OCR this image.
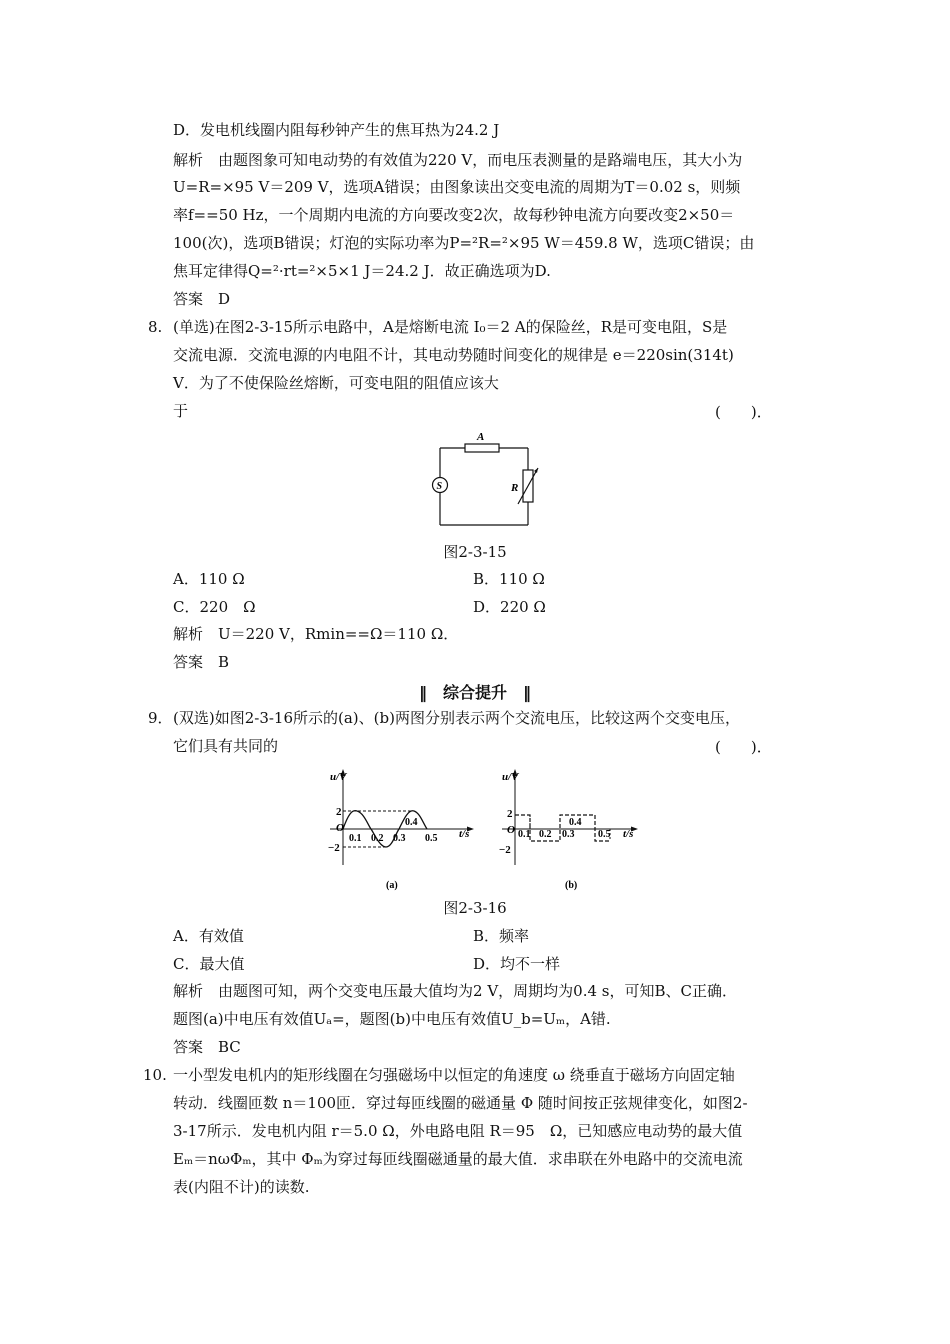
D．发电机线圈内阻每秒钟产生的焦耳热为24.2 J
解析　由题图象可知电动势的有效值为220 V，而电压表测量的是路端电压，其大小为
U=R=×95 V＝209 V，选项A错误；由图象读出交变电流的周期为T＝0.02 s，则频
率f==50 Hz，一个周期内电流的方向要改变2次，故每秒钟电流方向要改变2×50＝
100(次)，选项B错误；灯泡的实际功率为P=²R=²×95 W＝459.8 W，选项C错误；由
焦耳定律得Q=²·rt=²×5×1 J＝24.2 J．故正确选项为D.
答案　D
8. (单选)在图2-3-15所示电路中，A是熔断电流 I₀＝2 A的保险丝，R是可变电阻，S是
交流电源．交流电源的内电阻不计，其电动势随时间变化的规律是 e＝220sin(314t)
V．为了不使保险丝熔断，可变电阻的阻值应该大
于	(　　)．
A
R
S
图2-3-15
A．110 Ω	B．110 Ω
C．220　Ω	D．220 Ω
解析　U＝220 V，Rmin==Ω＝110 Ω．
答案　B
‖　综合提升　‖
9． (双选)如图2-3-16所示的(a)、(b)两图分别表示两个交流电压，比较这两个交变电压，
它们具有共同的	(　　)．
u/V
t/s
2
O
−2
0.1 0.2 0.3
0.4
0.5
(a)
u/V
t/s
2
O
−2
0.1 0.2 0.3
0.4
0.5
(b)
图2-3-16
A．有效值	B．频率
C．最大值	D．均不一样
解析　由题图可知，两个交变电压最大值均为2 V，周期均为0.4 s，可知B、C正确．
题图(a)中电压有效值Uₐ=，题图(b)中电压有效值U_b=Uₘ，A错.
答案　BC
10. 一小型发电机内的矩形线圈在匀强磁场中以恒定的角速度 ω 绕垂直于磁场方向固定轴
转动．线圈匝数 n＝100匝．穿过每匝线圈的磁通量 Φ 随时间按正弦规律变化，如图2-
3-17所示．发电机内阻 r＝5.0 Ω，外电路电阻 R＝95　Ω，已知感应电动势的最大值
Eₘ＝nωΦₘ，其中 Φₘ为穿过每匝线圈磁通量的最大值．求串联在外电路中的交流电流
表(内阻不计)的读数.
